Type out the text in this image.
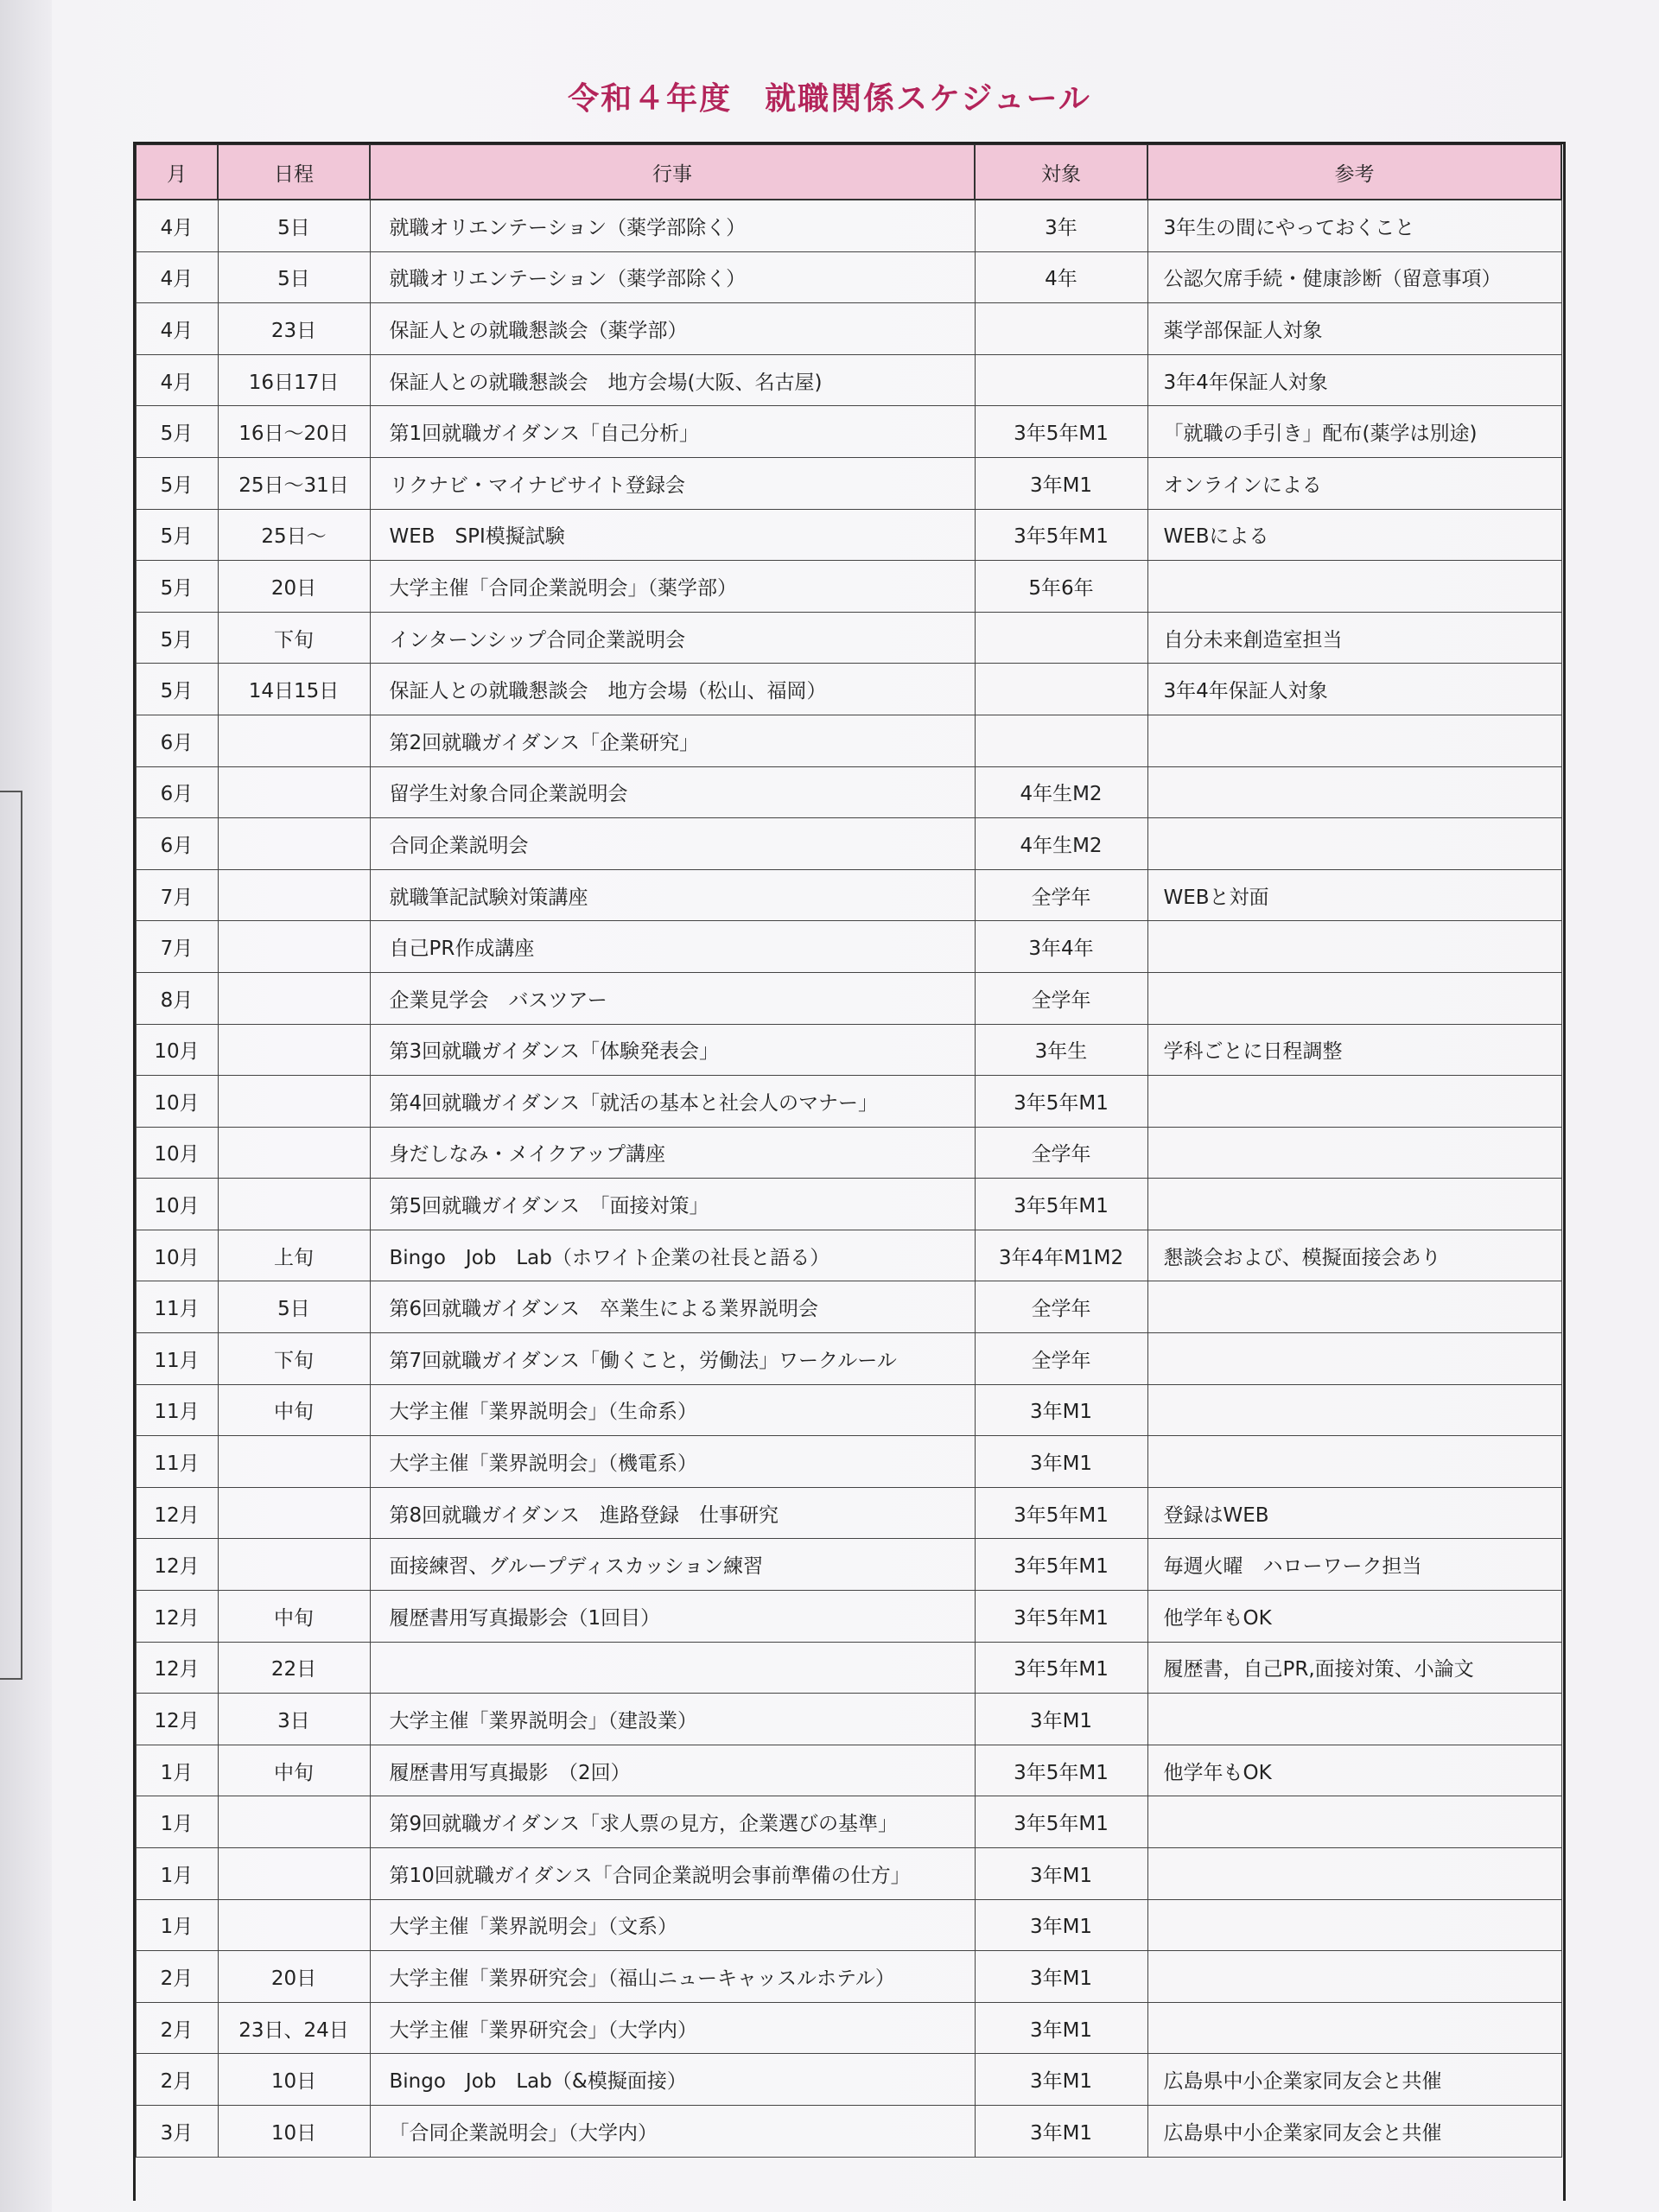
令和４年度　就職関係スケジュール
月	日程	行事	対象	参考
4月	5日	就職オリエンテーション（薬学部除く）	3年	3年生の間にやっておくこと
4月	5日	就職オリエンテーション（薬学部除く）	4年	公認欠席手続・健康診断（留意事項）
4月	23日	保証人との就職懇談会（薬学部）		薬学部保証人対象
4月	16日17日	保証人との就職懇談会　地方会場(大阪、名古屋)		3年4年保証人対象
5月	16日～20日	第1回就職ガイダンス「自己分析」	3年5年M1	「就職の手引き」配布(薬学は別途)
5月	25日～31日	リクナビ・マイナビサイト登録会	3年M1	オンラインによる
5月	25日～	WEB　SPI模擬試験	3年5年M1	WEBによる
5月	20日	大学主催「合同企業説明会」（薬学部）	5年6年	
5月	下旬	インターンシップ合同企業説明会		自分未来創造室担当
5月	14日15日	保証人との就職懇談会　地方会場（松山、福岡）		3年4年保証人対象
6月		第2回就職ガイダンス「企業研究」		
6月		留学生対象合同企業説明会	4年生M2	
6月		合同企業説明会	4年生M2	
7月		就職筆記試験対策講座	全学年	WEBと対面
7月		自己PR作成講座	3年4年	
8月		企業見学会　バスツアー	全学年	
10月		第3回就職ガイダンス「体験発表会」	3年生	学科ごとに日程調整
10月		第4回就職ガイダンス「就活の基本と社会人のマナー」	3年5年M1	
10月		身だしなみ・メイクアップ講座	全学年	
10月		第5回就職ガイダンス　「面接対策」	3年5年M1	
10月	上旬	Bingo　Job　Lab（ホワイト企業の社長と語る）	3年4年M1M2	懇談会および、模擬面接会あり
11月	5日	第6回就職ガイダンス　卒業生による業界説明会	全学年	
11月	下旬	第7回就職ガイダンス「働くこと，労働法」ワークルール	全学年	
11月	中旬	大学主催「業界説明会」（生命系）	3年M1	
11月		大学主催「業界説明会」（機電系）	3年M1	
12月		第8回就職ガイダンス　進路登録　仕事研究	3年5年M1	登録はWEB
12月		面接練習、グループディスカッション練習	3年5年M1	毎週火曜　ハローワーク担当
12月	中旬	履歴書用写真撮影会（1回目）	3年5年M1	他学年もOK
12月	22日		3年5年M1	履歴書，自己PR,面接対策、小論文
12月	3日	大学主催「業界説明会」（建設業）	3年M1	
1月	中旬	履歴書用写真撮影　（2回）	3年5年M1	他学年もOK
1月		第9回就職ガイダンス「求人票の見方，企業選びの基準」	3年5年M1	
1月		第10回就職ガイダンス「合同企業説明会事前準備の仕方」	3年M1	
1月		大学主催「業界説明会」（文系）	3年M1	
2月	20日	大学主催「業界研究会」（福山ニューキャッスルホテル）	3年M1	
2月	23日、24日	大学主催「業界研究会」（大学内）	3年M1	
2月	10日	Bingo　Job　Lab（&模擬面接）	3年M1	広島県中小企業家同友会と共催
3月	10日	「合同企業説明会」（大学内）	3年M1	広島県中小企業家同友会と共催
